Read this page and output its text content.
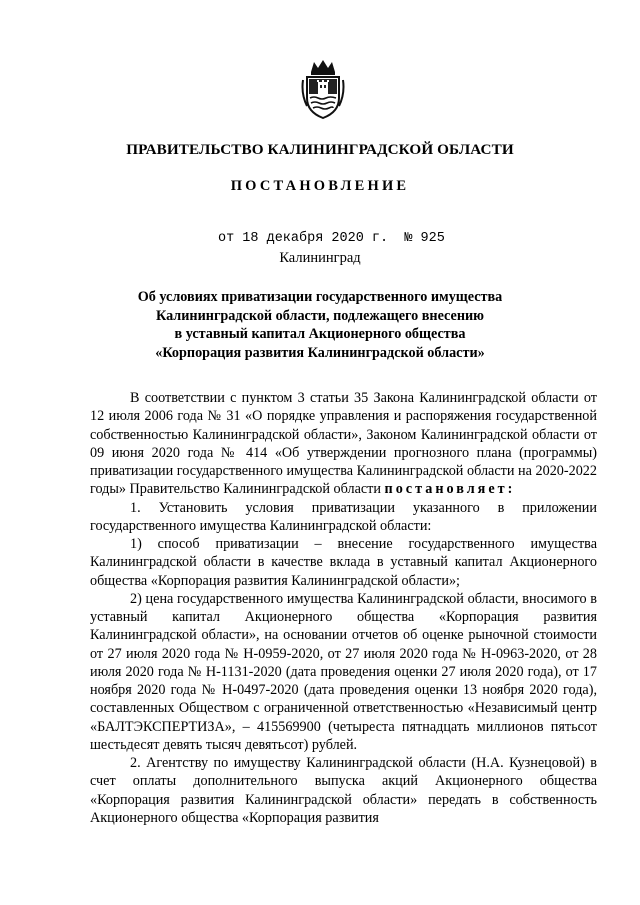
ПРАВИТЕЛЬСТВО КАЛИНИНГРАДСКОЙ ОБЛАСТИ
ПОСТАНОВЛЕНИЕ
от 18 декабря 2020 г.  № 925
Калининград
Об условиях приватизации государственного имущества
Калининградской области, подлежащего внесению
в уставный капитал Акционерного общества
«Корпорация развития Калининградской области»

В соответствии с пунктом 3 статьи 35 Закона Калининградской области от 12 июля 2006 года № 31 «О порядке управления и распоряжения государственной собственностью Калининградской области», Законом Калининградской области от 09 июня 2020 года № 414 «Об утверждении прогнозного плана (программы) приватизации государственного имущества Калининградской области на 2020-2022 годы» Правительство Калининградской области постановляет:

1. Установить условия приватизации указанного в приложении государственного имущества Калининградской области:

1) способ приватизации – внесение государственного имущества Калининградской области в качестве вклада в уставный капитал Акционерного общества «Корпорация развития Калининградской области»;

2) цена государственного имущества Калининградской области, вносимого в уставный капитал Акционерного общества «Корпорация развития Калининградской области», на основании отчетов об оценке рыночной стоимости от 27 июля 2020 года № Н-0959-2020, от 27 июля 2020 года № Н-0963-2020, от 28 июля 2020 года № Н-1131-2020 (дата проведения оценки 27 июля 2020 года), от 17 ноября 2020 года № Н-0497-2020 (дата проведения оценки 13 ноября 2020 года), составленных Обществом с ограниченной ответственностью «Независимый центр «БАЛТЭКСПЕРТИЗА», – 415569900 (четыреста пятнадцать миллионов пятьсот шестьдесят девять тысяч девятьсот) рублей.

2. Агентству по имуществу Калининградской области (Н.А. Кузнецовой) в счет оплаты дополнительного выпуска акций Акционерного общества «Корпорация развития Калининградской области» передать в собственность Акционерного общества «Корпорация развития
